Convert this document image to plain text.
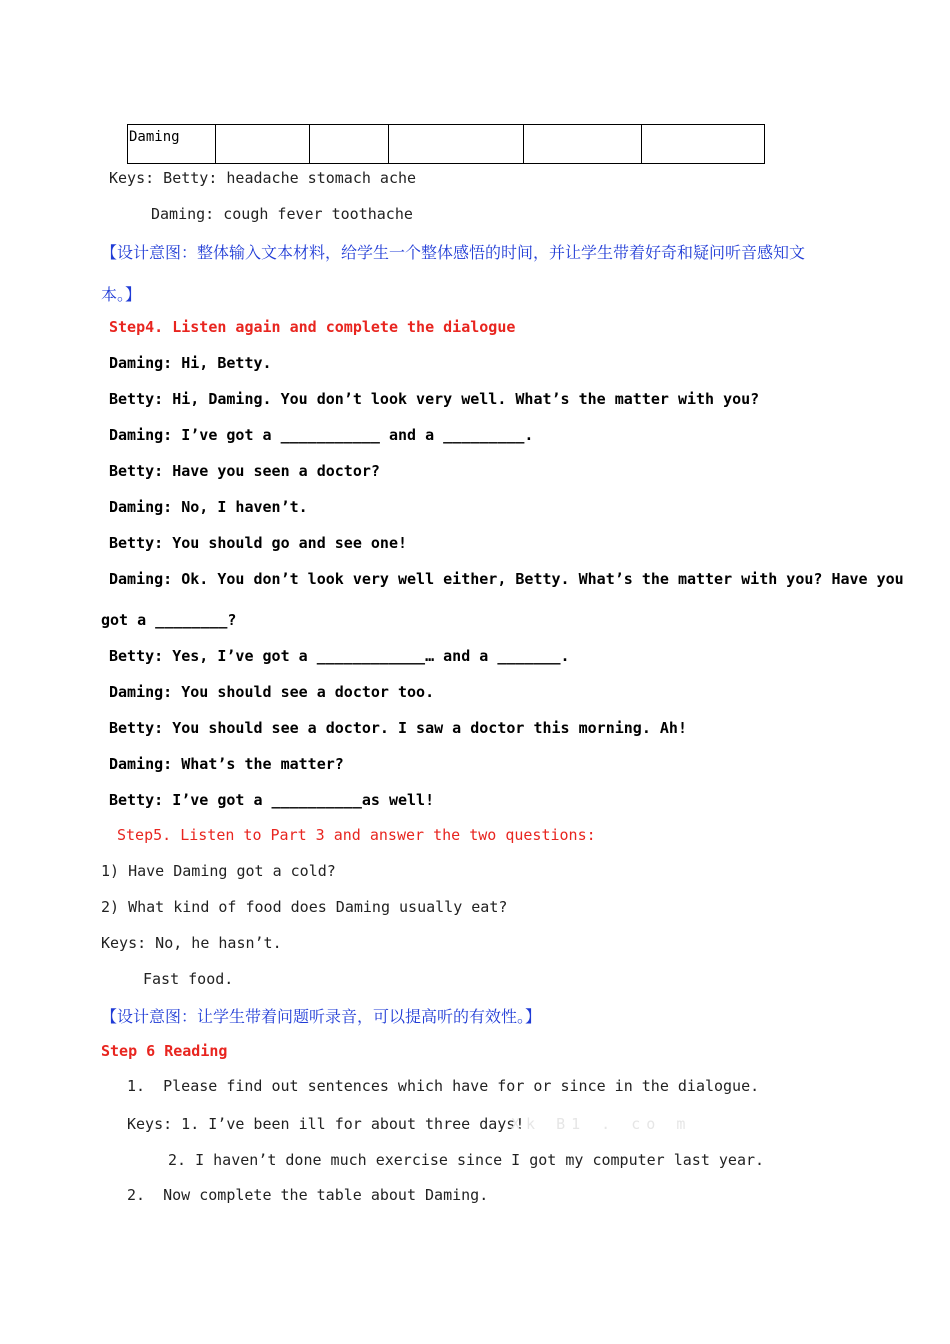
Daming					
Keys: Betty: headache stomach ache
Daming: cough fever toothache
【设计意图：整体输入文本材料，给学生一个整体感悟的时间，并让学生带着好奇和疑问听音感知文
本。】
Step4. Listen again and complete the dialogue
Daming: Hi, Betty.
Betty: Hi, Daming. You don’t look very well. What’s the matter with you?
Daming: I’ve got a ___________ and a _________.
Betty: Have you seen a doctor?
Daming: No, I haven’t.
Betty: You should go and see one!
Daming: Ok. You don’t look very well either, Betty. What’s the matter with you? Have you
got a ________?
Betty: Yes, I’ve got a ____________… and a _______.
Daming: You should see a doctor too.
Betty: You should see a doctor. I saw a doctor this morning. Ah!
Daming: What’s the matter?
Betty: I’ve got a __________as well!
Step5. Listen to Part 3 and answer the two questions:
1) Have Daming got a cold?
2) What kind of food does Daming usually eat?
Keys: No, he hasn’t.
Fast food.
【设计意图：让学生带着问题听录音，可以提高听的有效性。】
Step 6 Reading
1.  Please find out sentences which have for or since in the dialogue.
Keys: 1. I’ve been ill for about three days!
Xk B1 . co m
2. I haven’t done much exercise since I got my computer last year.
2.  Now complete the table about Daming.
